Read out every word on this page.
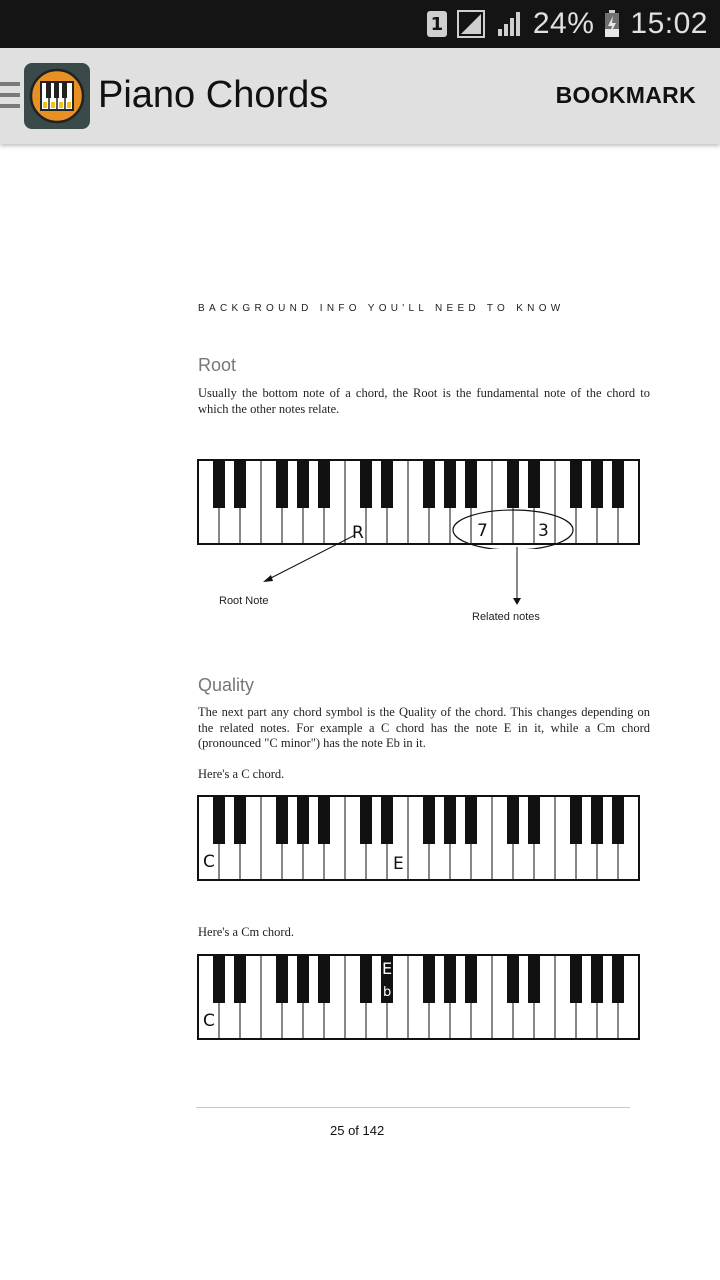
1	24% 15:02
Piano Chords	BOOKMARK
BACKGROUND INFO YOU'LL NEED TO KNOW
Root
Usually the bottom note of a chord, the Root is the fundamental note of the chord to which the other notes relate.
R	7	3
Root Note
Related notes
Quality
The next part any chord symbol is the Quality of the chord. This changes depending on the related notes. For example a C chord has the note E in it, while a Cm chord (pronounced "C minor") has the note Eb in it.
Here's a C chord.
C	E
Here's a Cm chord.
C
E
b
25 of 142
